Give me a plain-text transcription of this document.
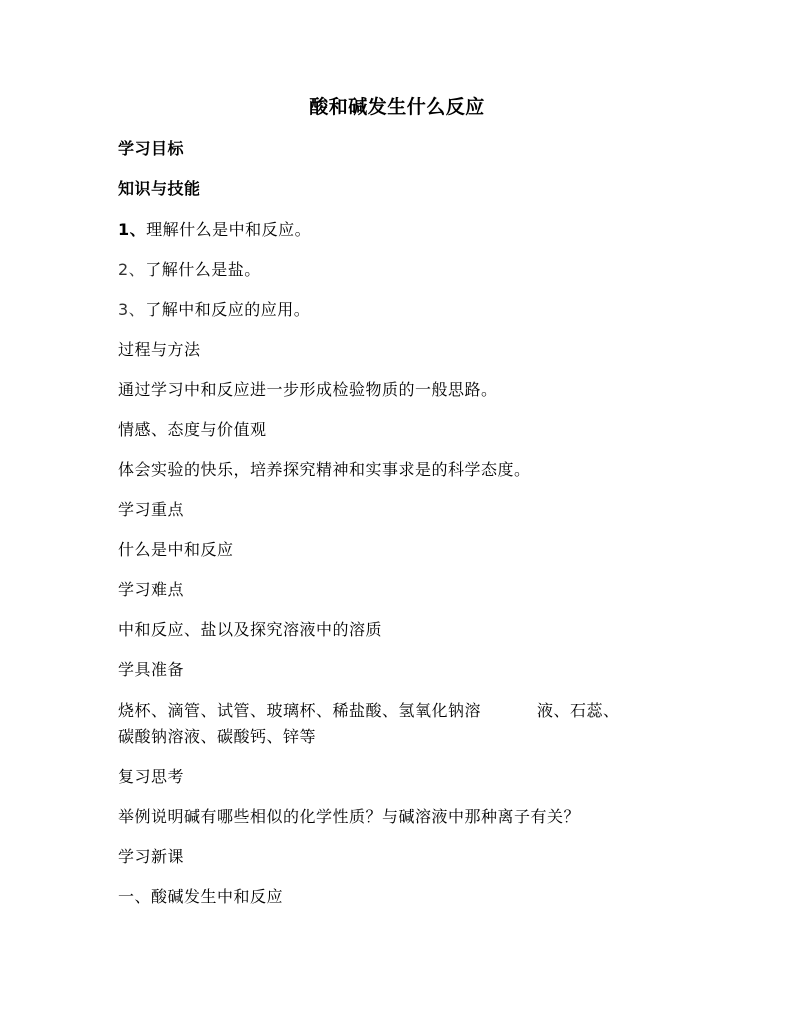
酸和碱发生什么反应
学习目标
知识与技能
1、理解什么是中和反应。
2、了解什么是盐。
3、了解中和反应的应用。
过程与方法
通过学习中和反应进一步形成检验物质的一般思路。
情感、态度与价值观
体会实验的快乐，培养探究精神和实事求是的科学态度。
学习重点
什么是中和反应
学习难点
中和反应、盐以及探究溶液中的溶质
学具准备
烧杯、滴管、试管、玻璃杯、稀盐酸、氢氧化钠溶	液、石蕊、
碳酸钠溶液、碳酸钙、锌等
复习思考
举例说明碱有哪些相似的化学性质？与碱溶液中那种离子有关？
学习新课
一、酸碱发生中和反应
